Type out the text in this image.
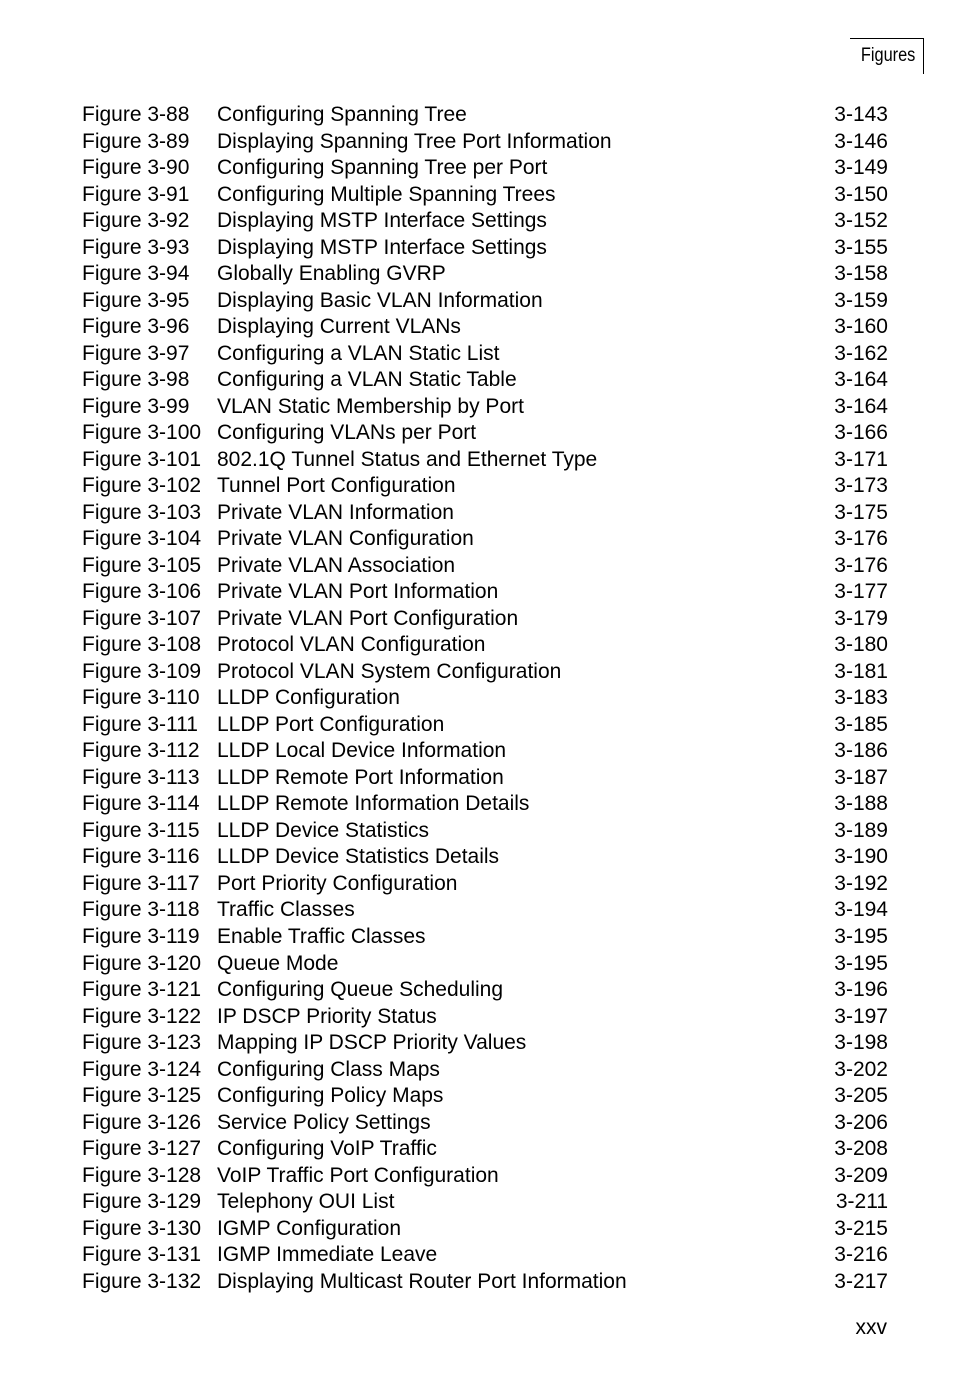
Figures
Figure 3-88 Configuring Spanning Tree	3-143
Figure 3-89 Displaying Spanning Tree Port Information	3-146
Figure 3-90 Configuring Spanning Tree per Port	3-149
Figure 3-91 Configuring Multiple Spanning Trees	3-150
Figure 3-92 Displaying MSTP Interface Settings	3-152
Figure 3-93 Displaying MSTP Interface Settings	3-155
Figure 3-94 Globally Enabling GVRP	3-158
Figure 3-95 Displaying Basic VLAN Information	3-159
Figure 3-96 Displaying Current VLANs	3-160
Figure 3-97 Configuring a VLAN Static List	3-162
Figure 3-98 Configuring a VLAN Static Table	3-164
Figure 3-99 VLAN Static Membership by Port	3-164
Figure 3-100 Configuring VLANs per Port	3-166
Figure 3-101 802.1Q Tunnel Status and Ethernet Type	3-171
Figure 3-102 Tunnel Port Configuration	3-173
Figure 3-103 Private VLAN Information	3-175
Figure 3-104 Private VLAN Configuration	3-176
Figure 3-105 Private VLAN Association	3-176
Figure 3-106 Private VLAN Port Information	3-177
Figure 3-107 Private VLAN Port Configuration	3-179
Figure 3-108 Protocol VLAN Configuration	3-180
Figure 3-109 Protocol VLAN System Configuration	3-181
Figure 3-110 LLDP Configuration	3-183
Figure 3-111 LLDP Port Configuration	3-185
Figure 3-112 LLDP Local Device Information	3-186
Figure 3-113 LLDP Remote Port Information	3-187
Figure 3-114 LLDP Remote Information Details	3-188
Figure 3-115 LLDP Device Statistics	3-189
Figure 3-116 LLDP Device Statistics Details	3-190
Figure 3-117 Port Priority Configuration	3-192
Figure 3-118 Traffic Classes	3-194
Figure 3-119 Enable Traffic Classes	3-195
Figure 3-120 Queue Mode	3-195
Figure 3-121 Configuring Queue Scheduling	3-196
Figure 3-122 IP DSCP Priority Status	3-197
Figure 3-123 Mapping IP DSCP Priority Values	3-198
Figure 3-124 Configuring Class Maps	3-202
Figure 3-125 Configuring Policy Maps	3-205
Figure 3-126 Service Policy Settings	3-206
Figure 3-127 Configuring VoIP Traffic	3-208
Figure 3-128 VoIP Traffic Port Configuration	3-209
Figure 3-129 Telephony OUI List	3-211
Figure 3-130 IGMP Configuration	3-215
Figure 3-131 IGMP Immediate Leave	3-216
Figure 3-132 Displaying Multicast Router Port Information	3-217
xxv
